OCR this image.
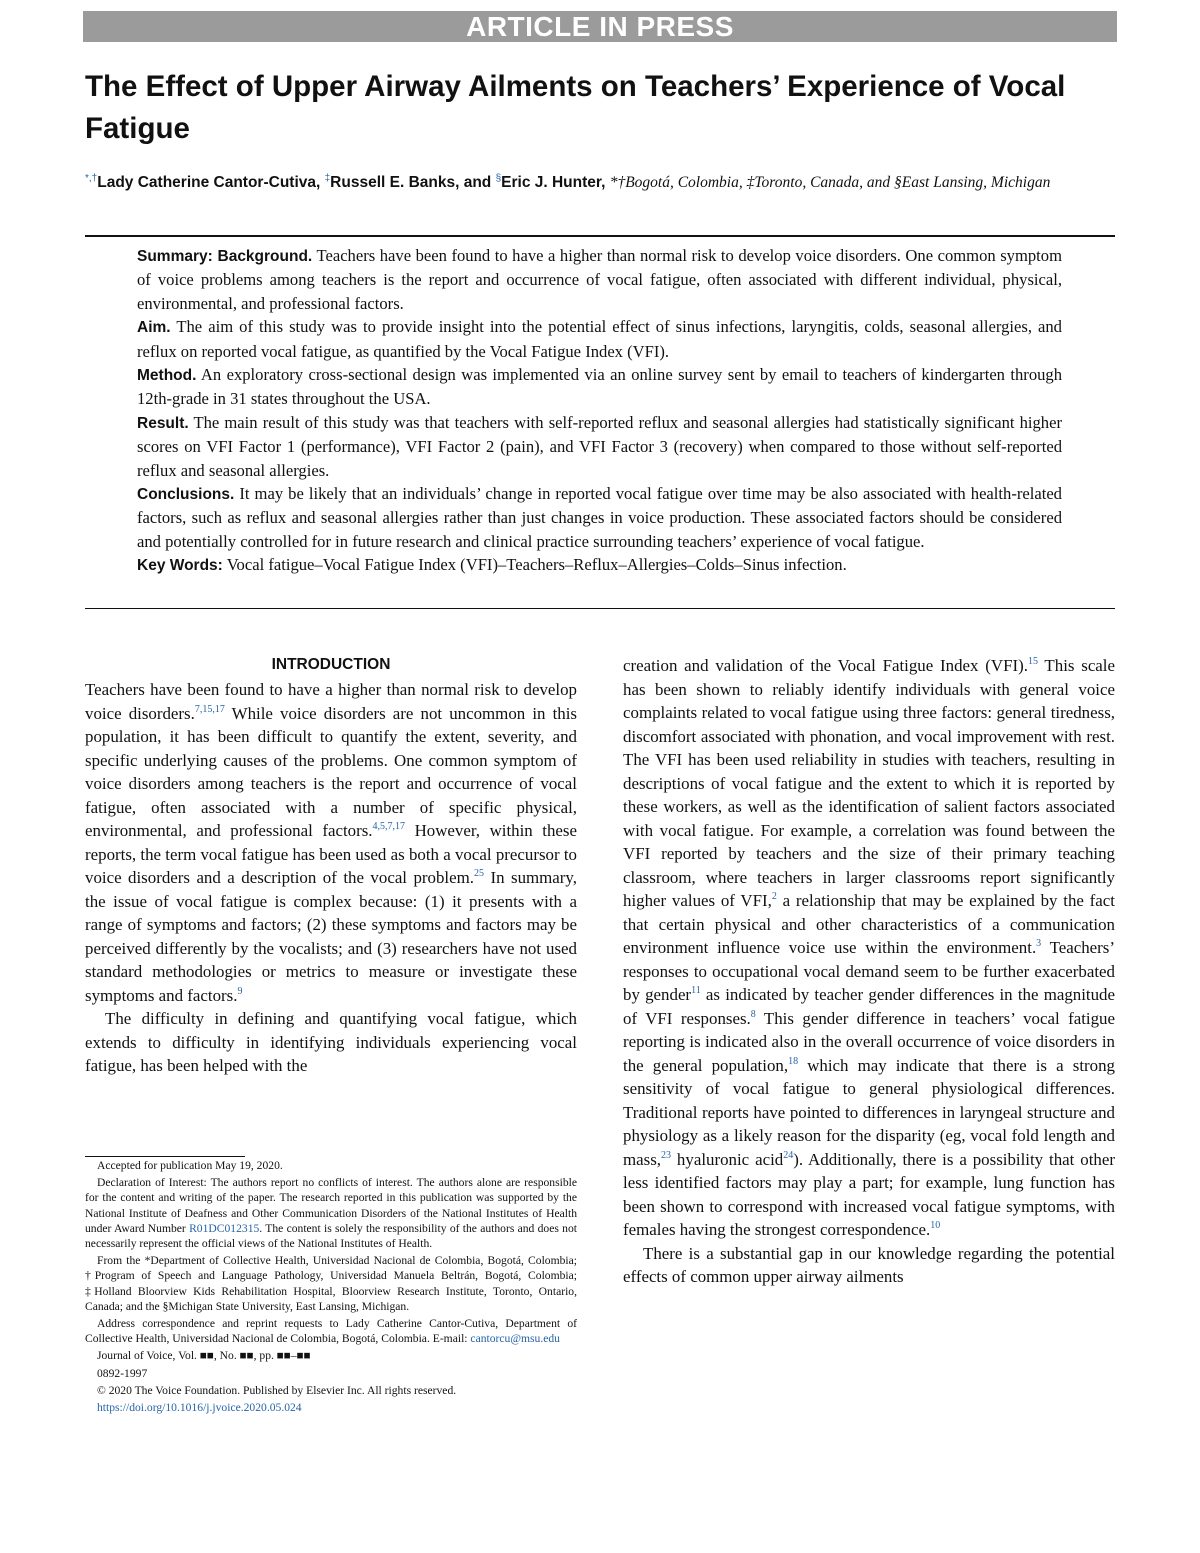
ARTICLE IN PRESS
The Effect of Upper Airway Ailments on Teachers’ Experience of Vocal Fatigue
*,†Lady Catherine Cantor-Cutiva, ‡Russell E. Banks, and §Eric J. Hunter, *†Bogotá, Colombia, ‡Toronto, Canada, and §East Lansing, Michigan

Summary: Background. Teachers have been found to have a higher than normal risk to develop voice disorders. One common symptom of voice problems among teachers is the report and occurrence of vocal fatigue, often associated with different individual, physical, environmental, and professional factors.

Aim. The aim of this study was to provide insight into the potential effect of sinus infections, laryngitis, colds, seasonal allergies, and reflux on reported vocal fatigue, as quantified by the Vocal Fatigue Index (VFI).

Method. An exploratory cross-sectional design was implemented via an online survey sent by email to teachers of kindergarten through 12th-grade in 31 states throughout the USA.

Result. The main result of this study was that teachers with self-reported reflux and seasonal allergies had statistically significant higher scores on VFI Factor 1 (performance), VFI Factor 2 (pain), and VFI Factor 3 (recovery) when compared to those without self-reported reflux and seasonal allergies.

Conclusions. It may be likely that an individuals’ change in reported vocal fatigue over time may be also associated with health-related factors, such as reflux and seasonal allergies rather than just changes in voice production. These associated factors should be considered and potentially controlled for in future research and clinical practice surrounding teachers’ experience of vocal fatigue.

Key Words: Vocal fatigue–Vocal Fatigue Index (VFI)–Teachers–Reflux–Allergies–Colds–Sinus infection.

INTRODUCTION

Teachers have been found to have a higher than normal risk to develop voice disorders.$^{7,15,17}$ While voice disorders are not uncommon in this population, it has been difficult to quantify the extent, severity, and specific underlying causes of the problems. One common symptom of voice disorders among teachers is the report and occurrence of vocal fatigue, often associated with a number of specific physical, environmental, and professional factors.$^{4,5,7,17}$ However, within these reports, the term vocal fatigue has been used as both a vocal precursor to voice disorders and a description of the vocal problem.$^{25}$ In summary, the issue of vocal fatigue is complex because: (1) it presents with a range of symptoms and factors; (2) these symptoms and factors may be perceived differently by the vocalists; and (3) researchers have not used standard methodologies or metrics to measure or investigate these symptoms and factors.$^9$

The difficulty in defining and quantifying vocal fatigue, which extends to difficulty in identifying individuals experiencing vocal fatigue, has been helped with the

creation and validation of the Vocal Fatigue Index (VFI).$^{15}$ This scale has been shown to reliably identify individuals with general voice complaints related to vocal fatigue using three factors: general tiredness, discomfort associated with phonation, and vocal improvement with rest. The VFI has been used reliability in studies with teachers, resulting in descriptions of vocal fatigue and the extent to which it is reported by these workers, as well as the identification of salient factors associated with vocal fatigue. For example, a correlation was found between the VFI reported by teachers and the size of their primary teaching classroom, where teachers in larger classrooms report significantly higher values of VFI,$^2$ a relationship that may be explained by the fact that certain physical and other characteristics of a communication environment influence voice use within the environment.$^3$ Teachers’ responses to occupational vocal demand seem to be further exacerbated by gender$^{11}$ as indicated by teacher gender differences in the magnitude of VFI responses.$^8$ This gender difference in teachers’ vocal fatigue reporting is indicated also in the overall occurrence of voice disorders in the general population,$^{18}$ which may indicate that there is a strong sensitivity of vocal fatigue to general physiological differences. Traditional reports have pointed to differences in laryngeal structure and physiology as a likely reason for the disparity (eg, vocal fold length and mass,$^{23}$ hyaluronic acid$^{24}$). Additionally, there is a possibility that other less identified factors may play a part; for example, lung function has been shown to correspond with increased vocal fatigue symptoms, with females having the strongest correspondence.$^{10}$

There is a substantial gap in our knowledge regarding the potential effects of common upper airway ailments

Accepted for publication May 19, 2020.

Declaration of Interest: The authors report no conflicts of interest. The authors alone are responsible for the content and writing of the paper. The research reported in this publication was supported by the National Institute of Deafness and Other Communication Disorders of the National Institutes of Health under Award Number R01DC012315. The content is solely the responsibility of the authors and does not necessarily represent the official views of the National Institutes of Health.

From the *Department of Collective Health, Universidad Nacional de Colombia, Bogotá, Colombia; †Program of Speech and Language Pathology, Universidad Manuela Beltrán, Bogotá, Colombia; ‡Holland Bloorview Kids Rehabilitation Hospital, Bloorview Research Institute, Toronto, Ontario, Canada; and the §Michigan State University, East Lansing, Michigan.

Address correspondence and reprint requests to Lady Catherine Cantor-Cutiva, Department of Collective Health, Universidad Nacional de Colombia, Bogotá, Colombia. E-mail: cantorcu@msu.edu

Journal of Voice, Vol. ■■, No. ■■, pp. ■■–■■

0892-1997

© 2020 The Voice Foundation. Published by Elsevier Inc. All rights reserved.

https://doi.org/10.1016/j.jvoice.2020.05.024
